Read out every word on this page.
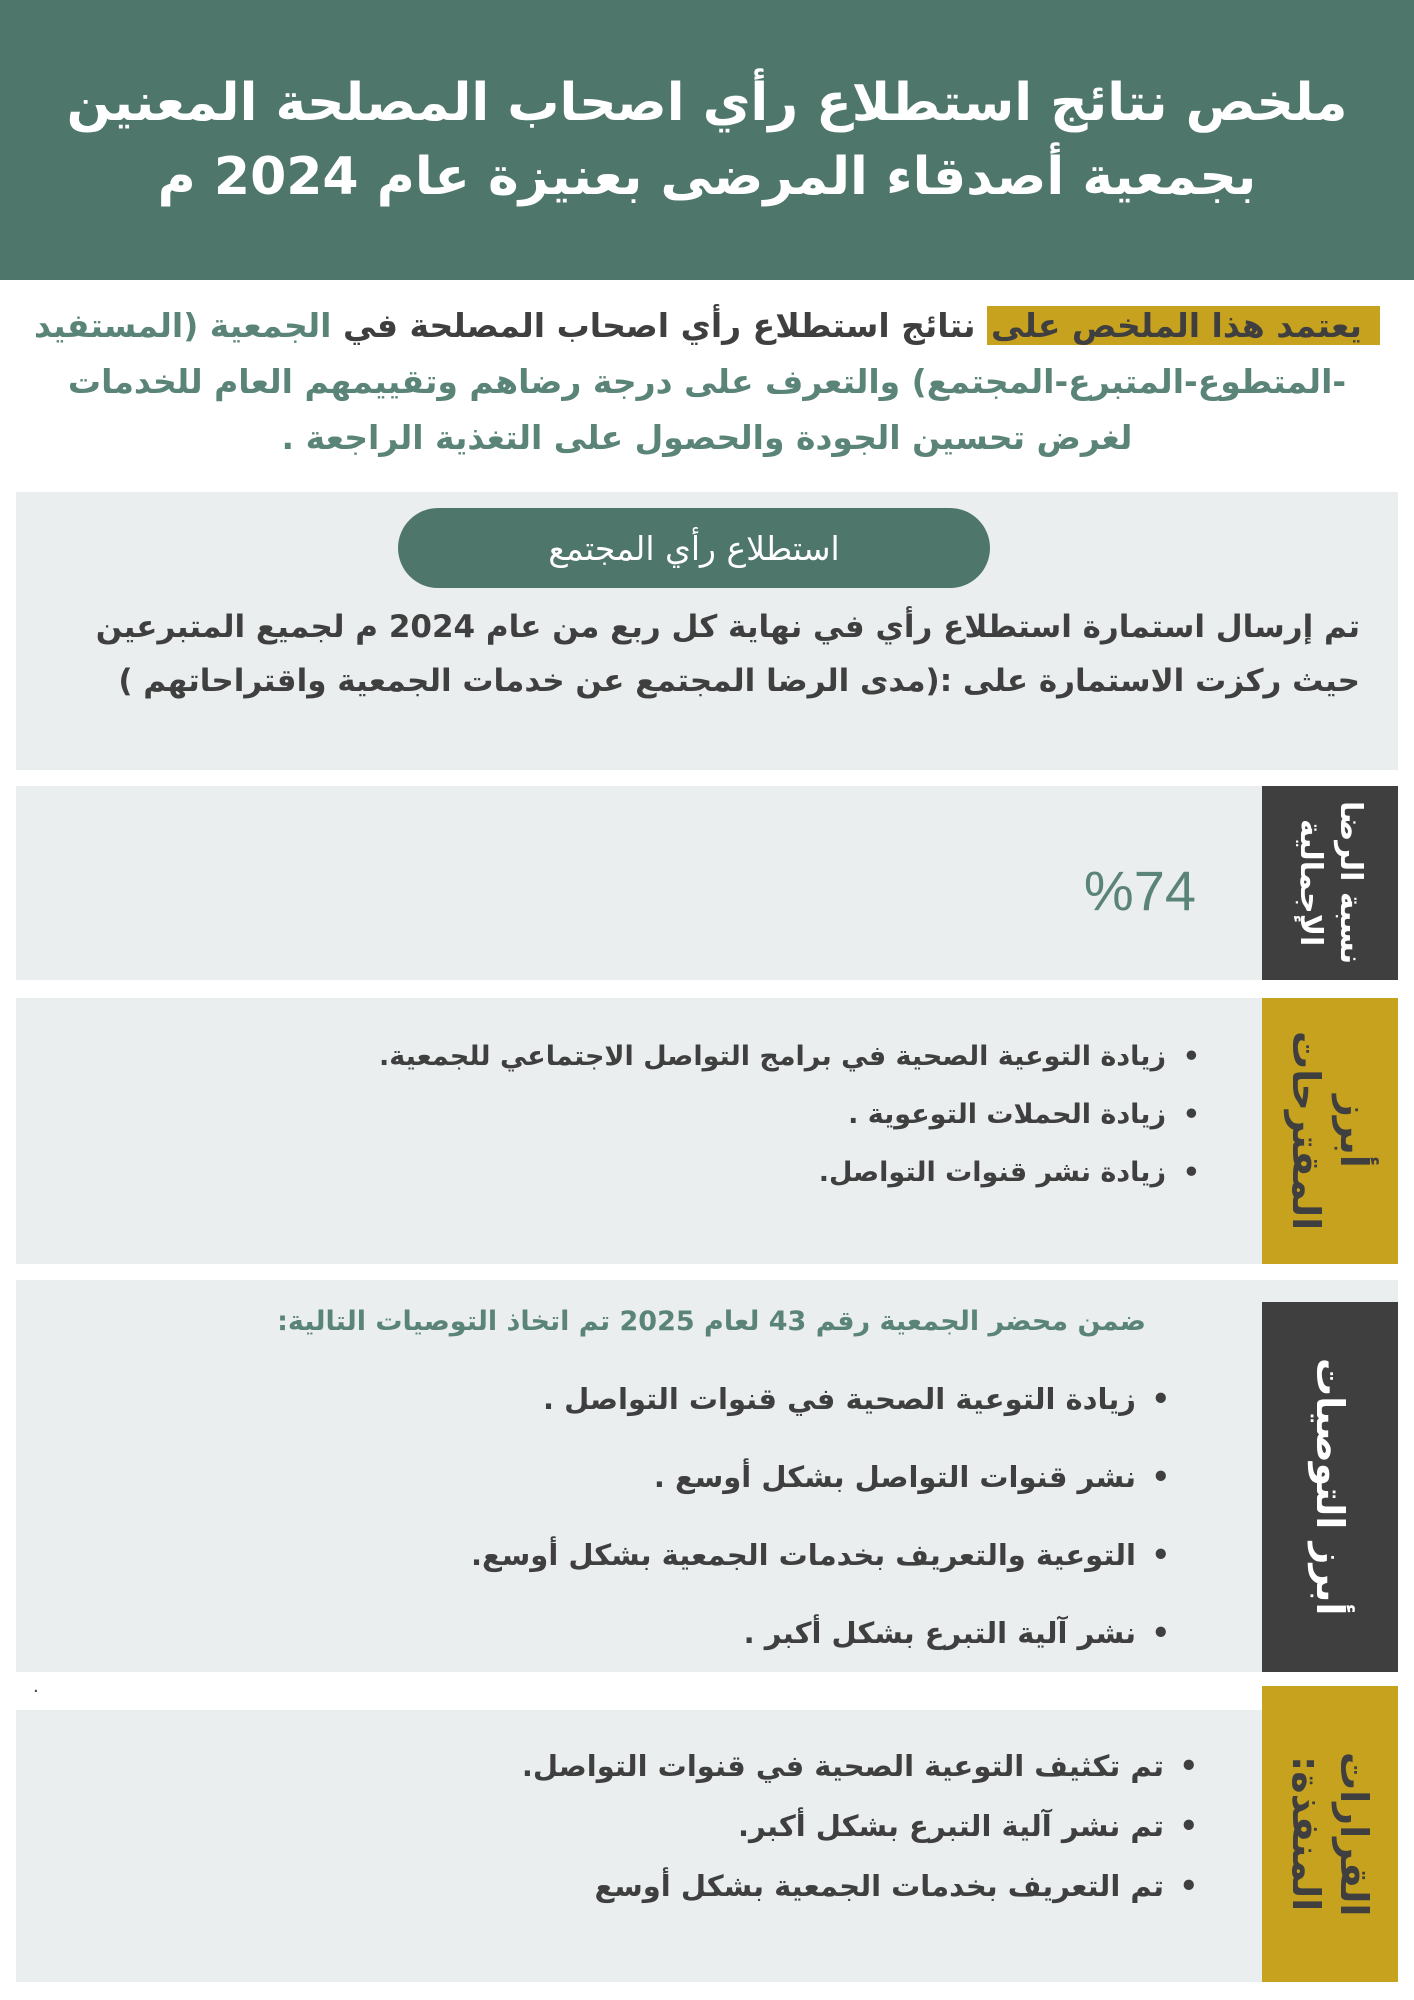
ملخص نتائج استطلاع رأي اصحاب المصلحة المعنين
بجمعية أصدقاء المرضى بعنيزة عام 2024 م
يعتمد هذا الملخص على نتائج استطلاع رأي اصحاب المصلحة في الجمعية (المستفيد -المتطوع-المتبرع-المجتمع) والتعرف على درجة رضاهم وتقييمهم العام للخدمات لغرض تحسين الجودة والحصول على التغذية الراجعة .
استطلاع رأي المجتمع
تم إرسال استمارة استطلاع رأي في نهاية كل ربع من عام 2024 م لجميع المتبرعين
حيث ركزت الاستمارة على :(مدى الرضا المجتمع عن خدمات الجمعية واقتراحاتهم )
نسبة الرضا الإجمالية
%74
أبرز المقترحات
• زيادة التوعية الصحية في برامج التواصل الاجتماعي للجمعية.
• زيادة الحملات التوعوية .
• زيادة نشر قنوات التواصل.
أبرز التوصيات
ضمن محضر الجمعية رقم 43 لعام 2025 تم اتخاذ التوصيات التالية:
• زيادة التوعية الصحية في قنوات التواصل .
• نشر قنوات التواصل بشكل أوسع .
• التوعية والتعريف بخدمات الجمعية بشكل أوسع.
• نشر آلية التبرع بشكل أكبر .
.
القرارات المنفذة:
• تم تكثيف التوعية الصحية في قنوات التواصل.
• تم نشر آلية التبرع بشكل أكبر.
• تم التعريف بخدمات الجمعية بشكل أوسع
